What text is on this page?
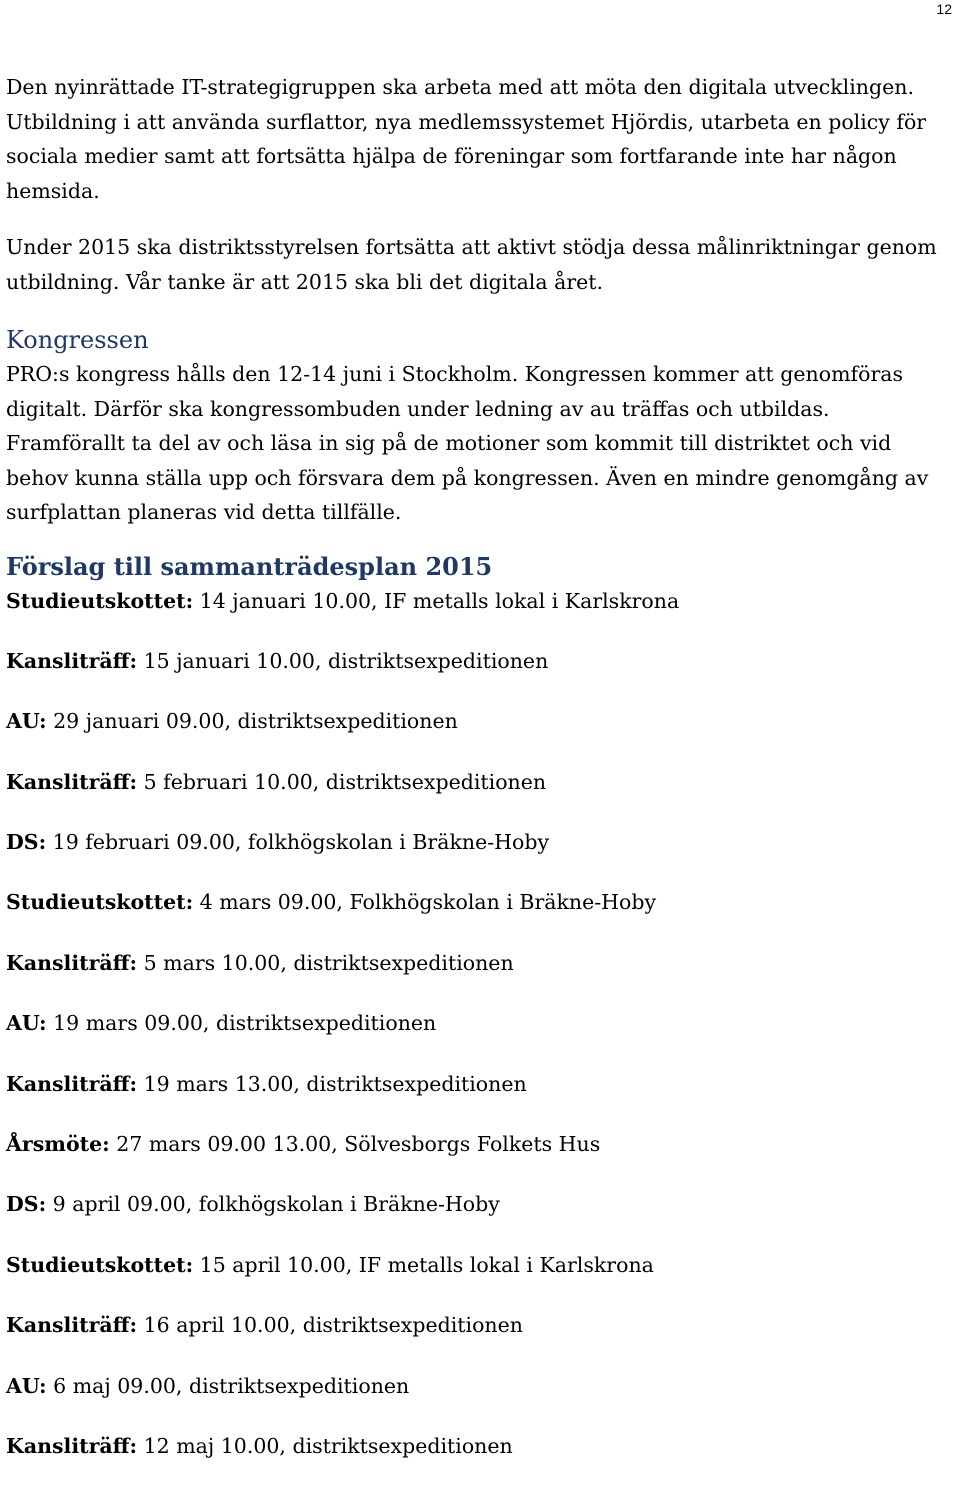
12

Den nyinrättade IT-strategigruppen ska arbeta med att möta den digitala utvecklingen. Utbildning i att använda surflattor, nya medlemssystemet Hjördis, utarbeta en policy för sociala medier samt att fortsätta hjälpa de föreningar som fortfarande inte har någon hemsida.

Under 2015 ska distriktsstyrelsen fortsätta att aktivt stödja dessa målinriktningar genom utbildning. Vår tanke är att 2015 ska bli det digitala året.

Kongressen

PRO:s kongress hålls den 12-14 juni i Stockholm. Kongressen kommer att genomföras digitalt. Därför ska kongressombuden under ledning av au träffas och utbildas. Framförallt ta del av och läsa in sig på de motioner som kommit till distriktet och vid behov kunna ställa upp och försvara dem på kongressen. Även en mindre genomgång av surfplattan planeras vid detta tillfälle.

Förslag till sammanträdesplan 2015
Studieutskottet: 14 januari 10.00, IF metalls lokal i Karlskrona
Kansliträff: 15 januari 10.00, distriktsexpeditionen
AU: 29 januari 09.00, distriktsexpeditionen
Kansliträff: 5 februari 10.00, distriktsexpeditionen
DS: 19 februari 09.00, folkhögskolan i Bräkne-Hoby
Studieutskottet: 4 mars 09.00, Folkhögskolan i Bräkne-Hoby
Kansliträff: 5 mars 10.00, distriktsexpeditionen
AU: 19 mars 09.00, distriktsexpeditionen
Kansliträff: 19 mars 13.00, distriktsexpeditionen
Årsmöte: 27 mars 09.00 13.00, Sölvesborgs Folkets Hus
DS: 9 april 09.00, folkhögskolan i Bräkne-Hoby
Studieutskottet: 15 april 10.00, IF metalls lokal i Karlskrona
Kansliträff: 16 april 10.00, distriktsexpeditionen
AU: 6 maj 09.00, distriktsexpeditionen
Kansliträff: 12 maj 10.00, distriktsexpeditionen
